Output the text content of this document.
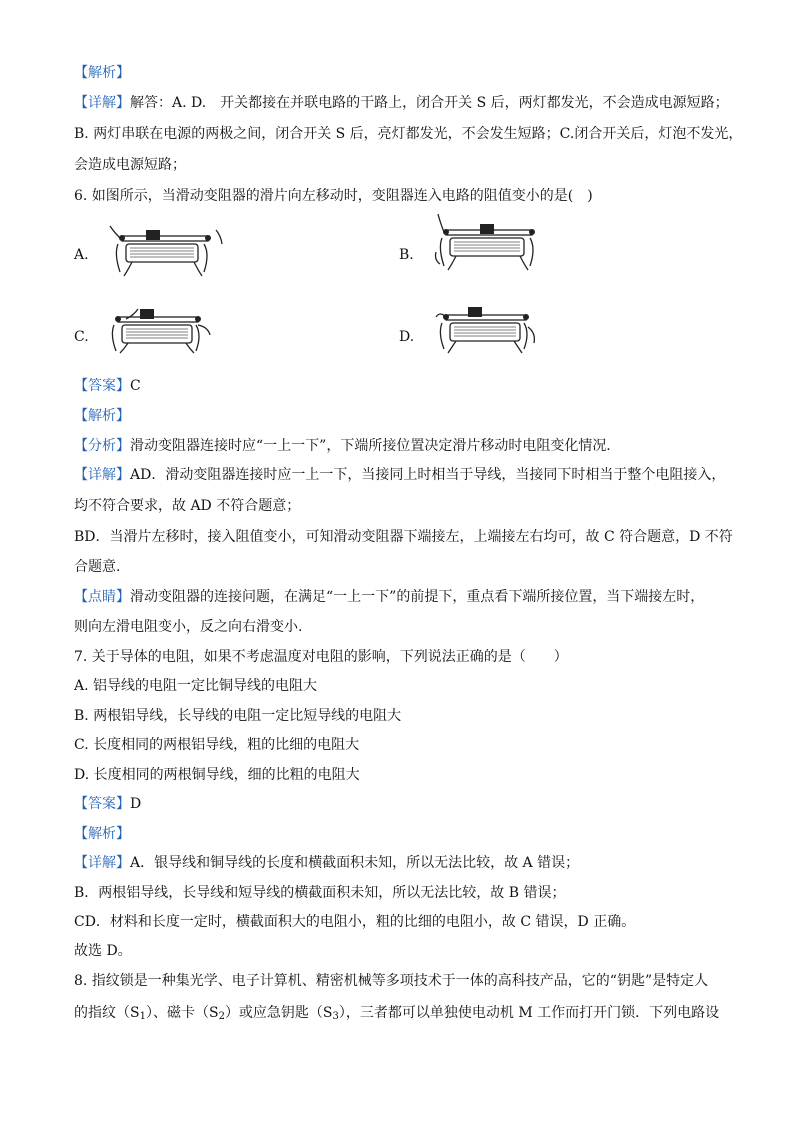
【解析】
【详解】解答：A. D.　开关都接在并联电路的干路上，闭合开关 S 后，两灯都发光，不会造成电源短路；
B. 两灯串联在电源的两极之间，闭合开关 S 后，亮灯都发光，不会发生短路；C.闭合开关后，灯泡不发光，
会造成电源短路；
6. 如图所示，当滑动变阻器的滑片向左移动时，变阻器连入电路的阻值变小的是(　)
A.	B.
C.	D.
【答案】C
【解析】
【分析】滑动变阻器连接时应“一上一下”，下端所接位置决定滑片移动时电阻变化情况.
【详解】AD．滑动变阻器连接时应一上一下，当接同上时相当于导线，当接同下时相当于整个电阻接入，
均不符合要求，故 AD 不符合题意；
BD．当滑片左移时，接入阻值变小，可知滑动变阻器下端接左，上端接左右均可，故 C 符合题意，D 不符
合题意.
【点睛】滑动变阻器的连接问题，在满足“一上一下”的前提下，重点看下端所接位置，当下端接左时，
则向左滑电阻变小，反之向右滑变小.
7. 关于导体的电阻，如果不考虑温度对电阻的影响，下列说法正确的是（　　）
A. 铝导线的电阻一定比铜导线的电阻大
B. 两根铝导线，长导线的电阻一定比短导线的电阻大
C. 长度相同的两根铝导线，粗的比细的电阻大
D. 长度相同的两根铜导线，细的比粗的电阻大
【答案】D
【解析】
【详解】A．银导线和铜导线的长度和横截面积未知，所以无法比较，故 A 错误；
B．两根铝导线，长导线和短导线的横截面积未知，所以无法比较，故 B 错误；
CD．材料和长度一定时，横截面积大的电阻小，粗的比细的电阻小，故 C 错误，D 正确。
故选 D。
8. 指纹锁是一种集光学、电子计算机、精密机械等多项技术于一体的高科技产品，它的“钥匙”是特定人
的指纹$(S_1)$、磁卡$(S_2)$或应急钥匙$(S_3)$，三者都可以单独使电动机 M 工作而打开门锁．下列电路设
